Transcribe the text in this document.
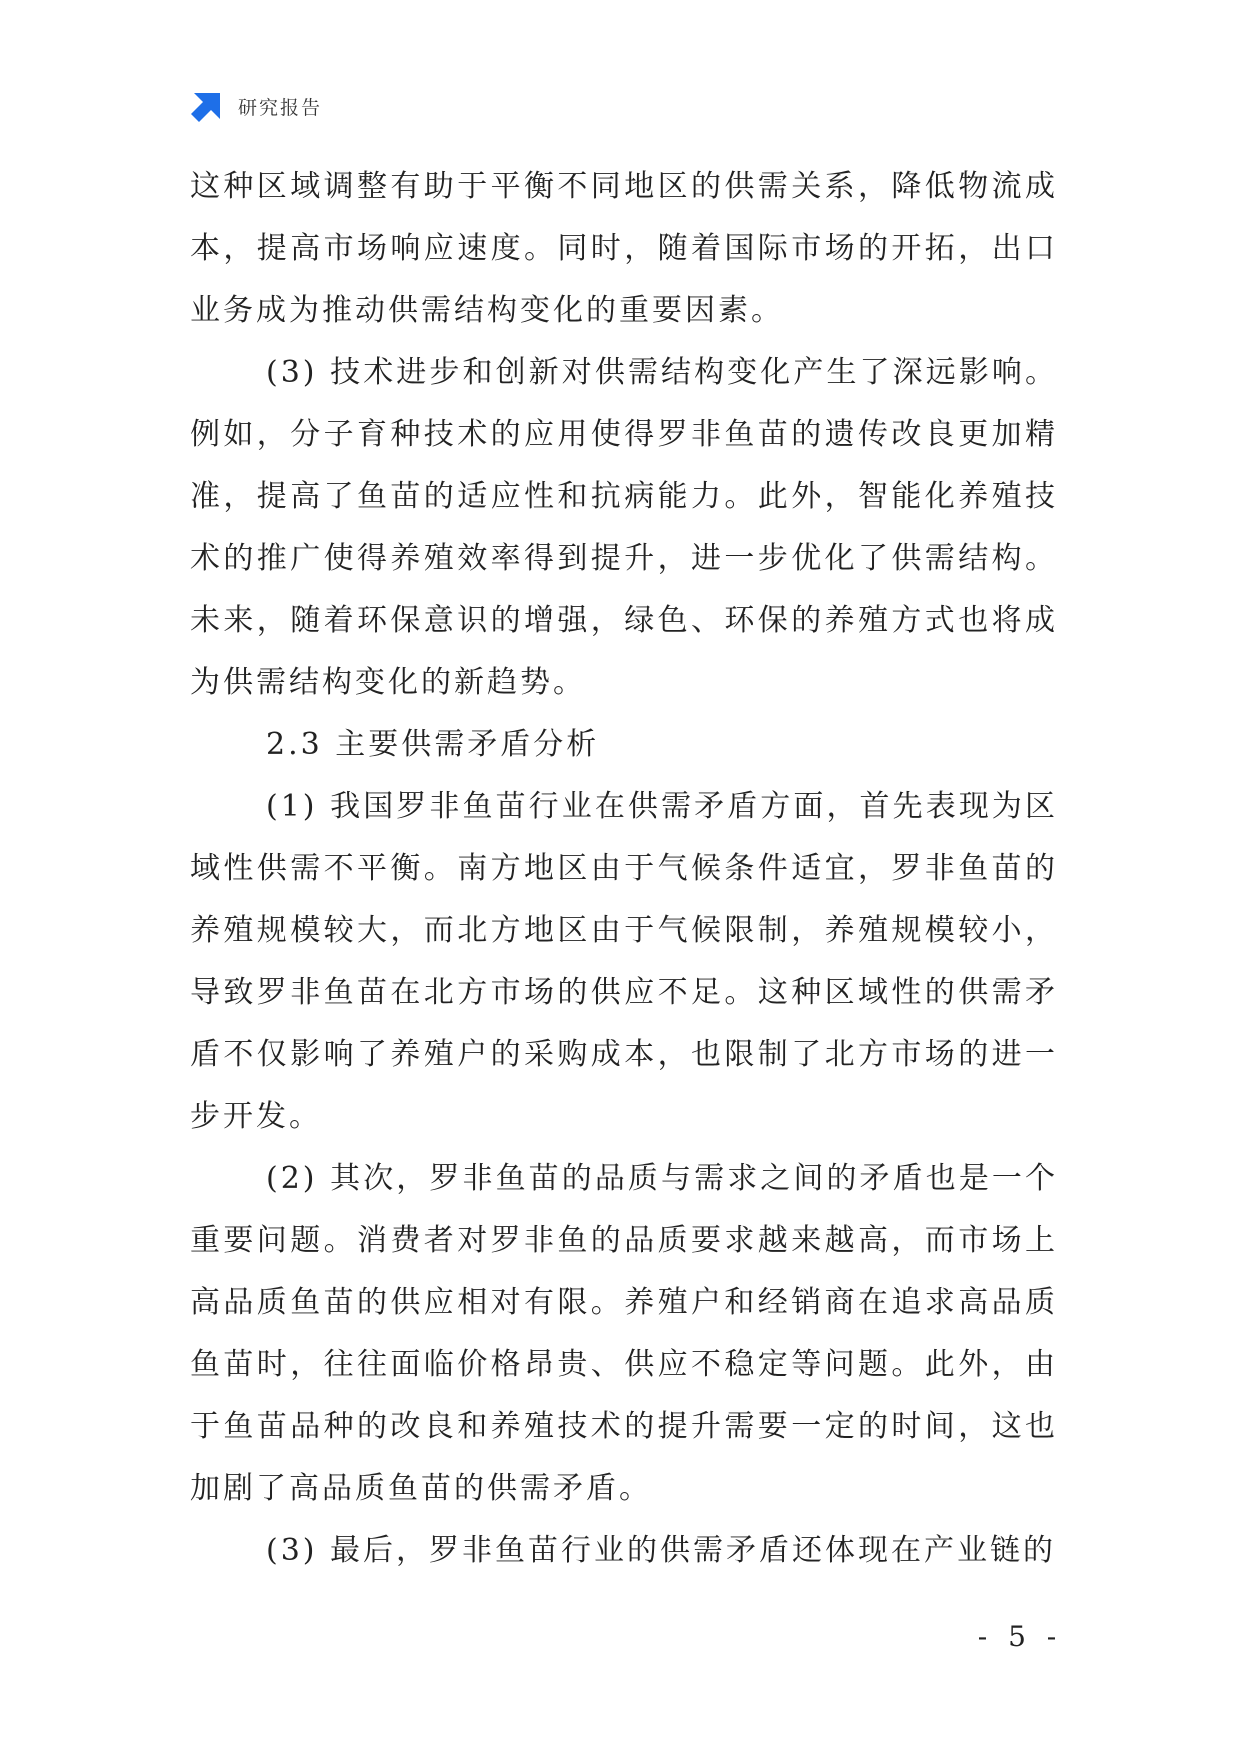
研究报告

这种区域调整有助于平衡不同地区的供需关系，降低物流成本，提高市场响应速度。同时，随着国际市场的开拓，出口业务成为推动供需结构变化的重要因素。

(3) 技术进步和创新对供需结构变化产生了深远影响。例如，分子育种技术的应用使得罗非鱼苗的遗传改良更加精准，提高了鱼苗的适应性和抗病能力。此外，智能化养殖技术的推广使得养殖效率得到提升，进一步优化了供需结构。未来，随着环保意识的增强，绿色、环保的养殖方式也将成为供需结构变化的新趋势。

2.3 主要供需矛盾分析

(1) 我国罗非鱼苗行业在供需矛盾方面，首先表现为区域性供需不平衡。南方地区由于气候条件适宜，罗非鱼苗的养殖规模较大，而北方地区由于气候限制，养殖规模较小，导致罗非鱼苗在北方市场的供应不足。这种区域性的供需矛盾不仅影响了养殖户的采购成本，也限制了北方市场的进一步开发。

(2) 其次，罗非鱼苗的品质与需求之间的矛盾也是一个重要问题。消费者对罗非鱼的品质要求越来越高，而市场上高品质鱼苗的供应相对有限。养殖户和经销商在追求高品质鱼苗时，往往面临价格昂贵、供应不稳定等问题。此外，由于鱼苗品种的改良和养殖技术的提升需要一定的时间，这也加剧了高品质鱼苗的供需矛盾。

(3) 最后，罗非鱼苗行业的供需矛盾还体现在产业链的

- 5 -
